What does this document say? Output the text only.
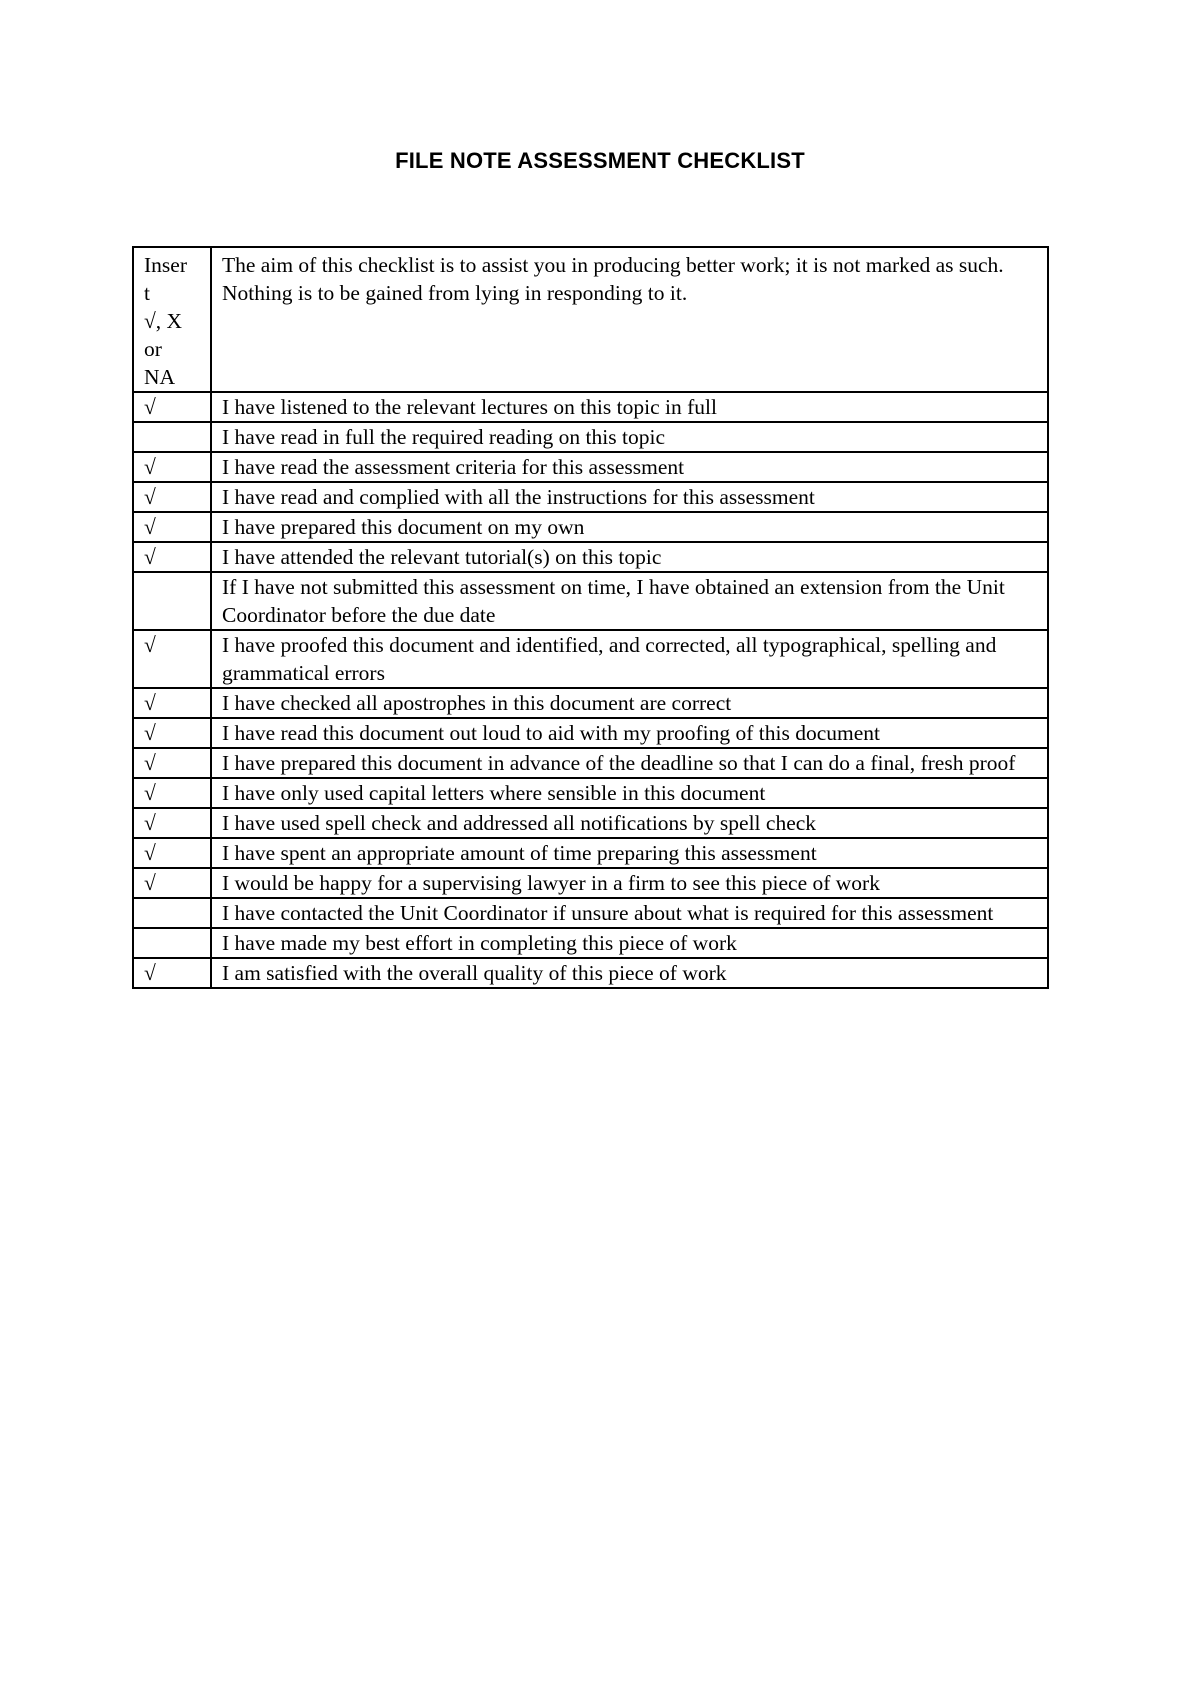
FILE NOTE ASSESSMENT CHECKLIST
Inser
t
√, X
or
NA	The aim of this checklist is to assist you in producing better work; it is not marked as such. Nothing is to be gained from lying in responding to it.
√	I have listened to the relevant lectures on this topic in full
	I have read in full the required reading on this topic
√	I have read the assessment criteria for this assessment
√	I have read and complied with all the instructions for this assessment
√	I have prepared this document on my own
√	I have attended the relevant tutorial(s) on this topic
	If I have not submitted this assessment on time, I have obtained an extension from the Unit Coordinator before the due date
√	I have proofed this document and identified, and corrected, all typographical, spelling and grammatical errors
√	I have checked all apostrophes in this document are correct
√	I have read this document out loud to aid with my proofing of this document
√	I have prepared this document in advance of the deadline so that I can do a final, fresh proof
√	I have only used capital letters where sensible in this document
√	I have used spell check and addressed all notifications by spell check
√	I have spent an appropriate amount of time preparing this assessment
√	I would be happy for a supervising lawyer in a firm to see this piece of work
	I have contacted the Unit Coordinator if unsure about what is required for this assessment
	I have made my best effort in completing this piece of work
√	I am satisfied with the overall quality of this piece of work
